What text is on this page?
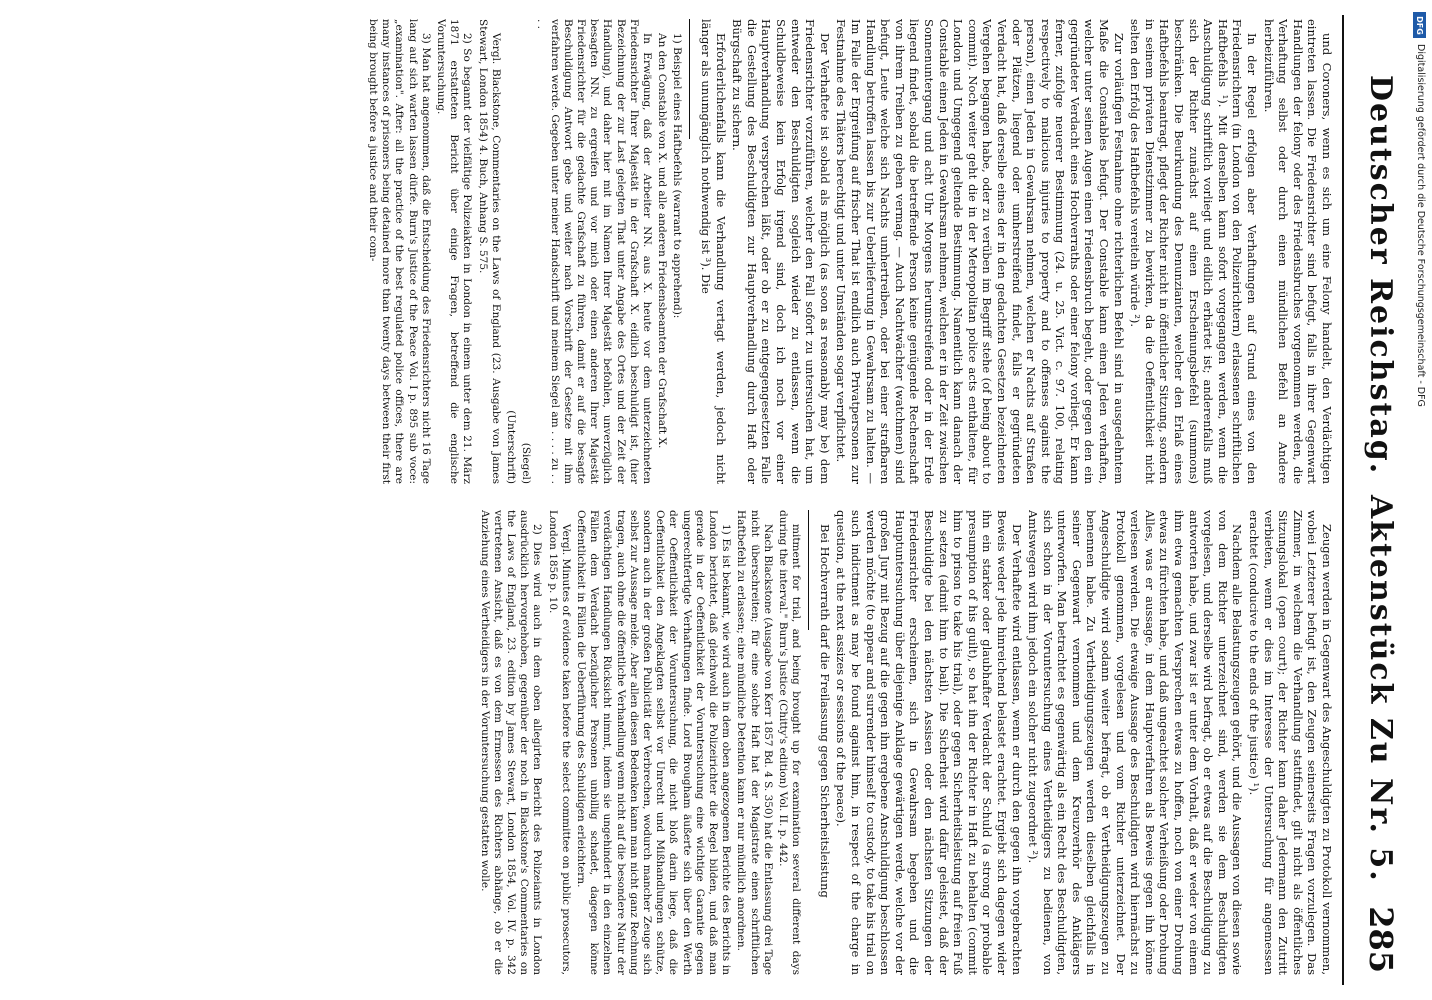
Deutscher Reichstag.
Aktenstück Zu Nr. 5.
285

und Coroners, wenn es sich um eine Felony handelt, den Verdächtigen eintreten lassen. Die Friedensrichter sind befugt, falls in ihrer Gegenwart Handlungen der felony oder des Friedensbruches vorgenommen werden, die Verhaftung selbst oder durch einen mündlichen Befehl an Andere herbeizuführen.

In der Regel erfolgen aber Verhaftungen auf Grund eines von den Friedensrichtern (in London von den Polizeirichtern) erlassenen schriftlichen Haftbefehls ¹). Mit denselben kann sofort vorgegangen werden, wenn die Anschuldigung schriftlich vorliegt und eidlich erhärtet ist; anderenfalls muß sich der Richter zunächst auf einen Erscheinungsbefehl (summons) beschränken. Die Beurkundung des Denunzianten, welcher den Erlaß eines Haftbefehls beantragt, pflegt der Richter nicht in öffentlicher Sitzung, sondern in seinem privaten Dienstzimmer zu bewirken, da die Oeffentlichkeit nicht selten den Erfolg des Haftbefehls vereiteln würde ²).

Zur vorläufigen Festnahme ohne richterlichen Befehl sind in ausgedehntem Maße die Constables befugt. Der Constable kann einen Jeden verhaften, welcher unter seinen Augen einen Friedensbruch begeht, oder gegen den ein gegründeter Verdacht eines Hochverraths oder einer felony vorliegt. Er kann ferner, zufolge neuerer Bestimmung (24. u. 25. Vict. c. 97. 100, relating respectively to malicious injuries to property and to offenses against the person), einen Jeden in Gewahrsam nehmen, welchen er Nachts auf Straßen oder Plätzen, liegend oder umherstreifend findet, falls er gegründeten Verdacht hat, daß derselbe eines der in den gedachten Gesetzen bezeichneten Vergehen begangen habe, oder zu verüben im Begriff stehe (of being about to commit). Noch weiter geht die in der Metropolitan police acts enthaltene, für London und Umgegend geltende Bestimmung. Namentlich kann danach der Constable einen Jeden in Gewahrsam nehmen, welchen er in der Zeit zwischen Sonnenuntergang und acht Uhr Morgens herumstreifend oder in der Erde liegend findet, sobald die betreffende Person keine genügende Rechenschaft von ihrem Treiben zu geben vermag. — Auch Nachtwächter (watchmen) sind befugt, Leute welche sich Nachts umhertreiben, oder bei einer strafbaren Handlung betroffen lassen bis zur Ueberlieferung in Gewahrsam zu halten. — Im Falle der Ergreifung auf frischer That ist endlich auch Privatpersonen zur Festnahme des Thäters berechtigt und unter Umständen sogar verpflichtet.

Der Verhaftete ist sobald als möglich (as soon as reasonably may be) dem Friedensrichter vorzuführen, welcher den Fall sofort zu untersuchen hat, um entweder den Beschuldigten sogleich wieder zu entlassen, wenn die Schuldbeweise kein Erfolg irgend sind, doch ich noch vor einer Hauptverhandlung versprechen läßt, oder ob er zu entgegengesetzten Falle die Gestellung des Beschuldigten zur Hauptverhandlung durch Haft oder Bürgschaft zu sichern.

Erforderlichenfalls kann die Verhandlung vertagt werden, jedoch nicht länger als unumgänglich nothwendig ist ³). Die

1) Beispiel eines Haftbefehls (warrant to apprehend):

An den Constable von X. und alle anderen Friedensbeamten der Grafschaft X.

In Erwägung, daß der Arbeiter NN. aus X. heute vor dem unterzeichneten Friedensrichter Ihrer Majestät in der Grafschaft X. eidlich beschuldigt ist, (hier Bezeichnung der zur Last gelegten That unter Angabe des Ortes und der Zeit der Handlung), und daher hier mit im Namen Ihrer Majestät befohlen, unverzüglich besagten NN. zu ergreifen und vor mich oder einen anderen Ihrer Majestät Friedensrichter für die gedachte Grafschaft zu führen, damit er auf die besagte Beschuldigung Antwort gebe und weiter nach Vorschrift der Gesetze mit ihm verfahren werde. Gegeben unter meiner Handschrift und meinem Siegel am . . . . zu . . . .

(Siegel)
(Unterschrift)

Vergl. Blackstone, Commentaries on the Laws of England (23. Ausgabe von James Stewart, London 1854) 4. Buch, Anhang S. 575.

2) So begannt der vielfältige Polizeiakten in London in einem unter dem 21. März 1871 erstatteten Bericht über einige Fragen, betreffend die englische Voruntersuchung.

3) Man hat angenommen, daß die Entscheidung des Friedensrichters nicht 16 Tage lang auf sich warten lassen dürfe. Burn's Justice of the Peace Vol. I p. 895 sub voce: „examination". After: all the practice of the best regulated police offices, there are many instances of prisoners being detained more than twenty days between their first being brought before a justice and their com-

Zeugen werden in Gegenwart des Angeschuldigten zu Protokoll vernommen, wobei Letzterer befugt ist, den Zeugen seinerseits Fragen vorzulegen. Das Zimmer, in welchem die Verhandlung stattfindet, gilt nicht als öffentliches Sitzungslokal (open court); der Richter kann daher Jedermann den Zutritt verbieten, wenn er dies im Interesse der Untersuchung für angemessen erachtet (conducive to the ends of the justice) ¹).

Nachdem alle Belastungszeugen gehört, und die Aussagen von diesen sowie von dem Richter unterzeichnet sind, werden sie dem Beschuldigten vorgelesen, und derselbe wird befragt, ob er etwas auf die Beschuldigung zu antworten habe, und zwar ist er unter dem Vorhalt, daß er weder von einem ihm etwa gemachten Versprechen etwas zu hoffen, noch von einer Drohung etwas zu fürchten habe, und daß ungeachtet solcher Verheißung oder Drohung Alles, was er aussage, in dem Hauptverfahren als Beweis gegen ihn könne verlesen werden. Die etwaige Aussage des Beschuldigten wird hiernächst zu Protokoll genommen, vorgelesen und vom Richter unterzeichnet. Der Angeschuldigte wird sodann weiter befragt, ob er Vertheidigungszeugen zu benennen habe. Zu Vertheidigungszeugen werden dieselben gleichfalls in seiner Gegenwart vernommen und dem Kreuzverhör des Anklägers unterworfen. Man betrachtet es gegenwärtig als ein Recht des Beschuldigten, sich schon in der Voruntersuchung eines Vertheidigers zu bedienen, von Amtswegen wird ihm jedoch ein solcher nicht zugeordnet ²).

Der Verhaftete wird entlassen, wenn er durch den gegen ihn vorgebrachten Beweis weder jede hinreichend belastet erachtet. Ergiebt sich dagegen wider ihn ein starker oder glaubhafter Verdacht der Schuld (a strong or probable presumption of his guilt), so hat ihn der Richter in Haft zu behalten (commit him to prison to take his trial), oder gegen Sicherheitsleistung auf freien Fuß zu setzen (admit him to bail). Die Sicherheit wird dafür geleistet, daß der Beschuldigte bei den nächsten Assisen oder den nächsten Sitzungen der Friedensrichter erscheinen, sich in Gewahrsam begeben und die Hauptuntersuchung über diejenige Anklage gewärtigen werde, welche vor der großen Jury mit Bezug auf die gegen ihn ergebene Anschuldigung beschlossen werden möchte (to appear and surrender himself to custody, to take his trial on such indictment as may be found against him, in respect of the charge in question, at the next assizes or sessions of the peace).

Bei Hochverrath darf die Freilassung gegen Sicherheitsleistung

mitment for trial, and being brought up for examination several different days during the interval." Burn's Justice (Chitty's edition) Vol. II. p. 442.

Nach Blackstone (Ausgabe von Kerr 1857 Bd. 4 S. 350) hat die Entlassung drei Tage nicht überschreiten; für eine solche Haft hat der Magistrate einen schriftlichen Haftbefehl zu erlassen; eine mündliche Detention kann er nur mündlich anordnen.

1) Es ist bekannt, wie wird auch in dem oben angezogenen Berichte des Berichts in London berichtet, daß gleichwohl die Polizeirichter die Regel bilden, und daß man gerade in der Oeffentlichkeit der Voruntersuchung eine wichtige Garantie gegen ungerechtfertigte Verhaftungen finde. Lord Brougham äußerte sich über den Werth der Oeffentlichkeit der Voruntersuchung, die nicht bloß darin liege, daß die Oeffentlichkeit den Angeklagten selbst vor Unrecht und Mißhandlungen schütze, sondern auch in der großen Publicität der Verbrechen, wodurch mancher Zeuge sich selbst zur Aussage melde. Aber allen diesen Bedenken kann man nicht ganz Rechnung tragen, auch ohne die öffentliche Verhandlung wenn nicht auf die besondere Natur der verdächtigen Handlungen Rücksicht nimmt, indem sie ungehindert in den einzelnen Fällen dem Verdacht bezüglicher Personen unbillig schadet, dagegen könne Oeffentlichkeit in Fällen die Ueberführung des Schuldigen erleichtern.

Vergl. Minutes of evidence taken before the select committee on public prosecutors, London 1856 p. 10.

2) Dies wird auch in dem oben allegirten Bericht des Polizeiamts in London ausdrücklich hervorgehoben, gegenüber der noch in Blackstone's Commentaries on the Laws of England, 23. edition by James Stewart, London 1854, Vol. IV. p. 342 vertretenen Ansicht, daß es von dem Ermessen des Richters abhänge, ob er die Anziehung eines Vertheidigers in der Voruntersuchung gestatten wolle.

DFG
Digitalisierung gefördert durch die Deutsche Forschungsgemeinschaft - DFG
